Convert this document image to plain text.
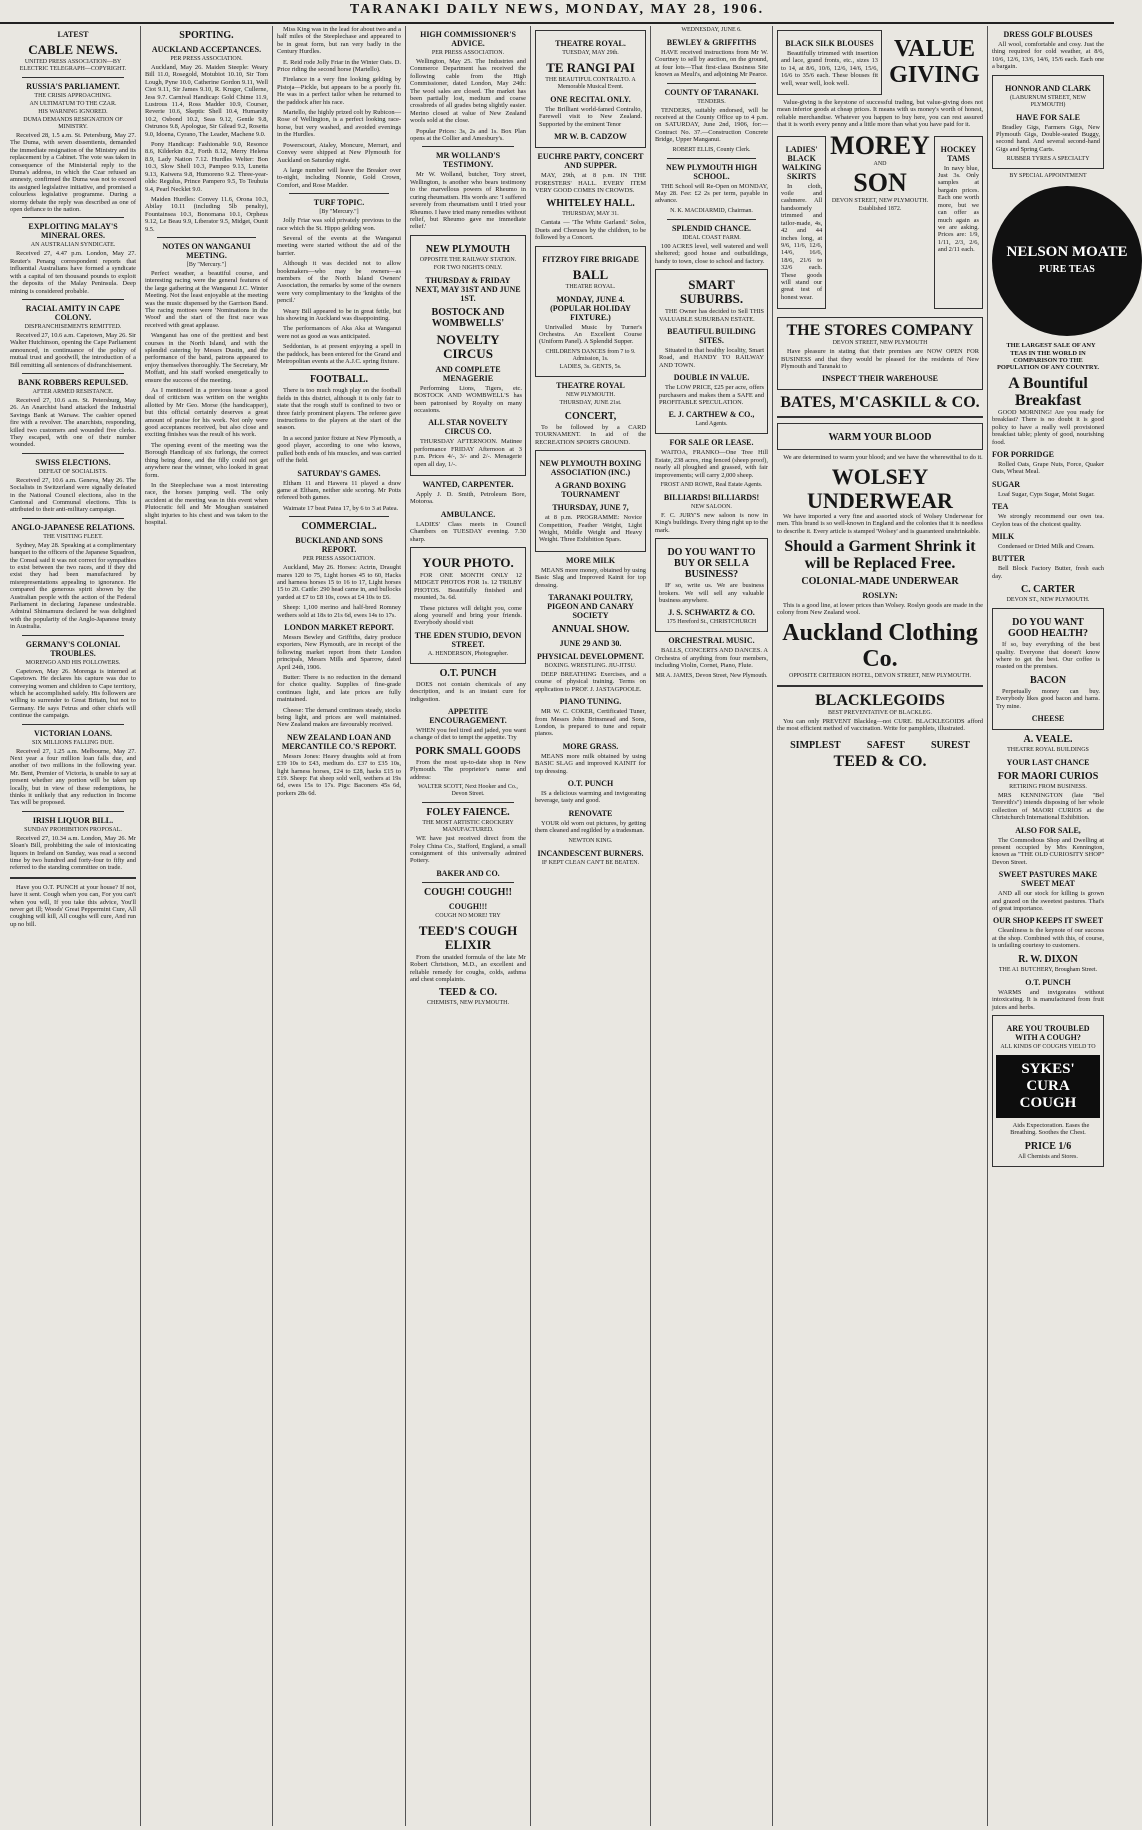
TARANAKI DAILY NEWS, MONDAY, MAY 28, 1906.
LATEST
CABLE NEWS.
UNITED PRESS ASSOCIATION—BY ELECTRIC TELEGRAPH—COPYRIGHT.
RUSSIA'S PARLIAMENT.
THE CRISIS APPROACHING.
AN ULTIMATUM TO THE CZAR.
HIS WARNING IGNORED.
DUMA DEMANDS RESIGNATION OF MINISTRY.

Received 28, 1.5 a.m. St. Petersburg, May 27. The Duma, with seven dissentients, demanded the immediate resignation of the Ministry and its replacement by a Cabinet. The vote was taken in consequence of the Ministerial reply to the Duma's address, in which the Czar refused an amnesty, confirmed the Duma was not to exceed its assigned legislative initiative, and promised a colourless legislative programme. During a stormy debate the reply was described as one of open defiance to the nation.

EXPLOITING MALAY'S MINERAL ORES.
AN AUSTRALIAN SYNDICATE.

Received 27, 4.47 p.m. London, May 27. Reuter's Penang correspondent reports that influential Australians have formed a syndicate with a capital of ten thousand pounds to exploit the deposits of the Malay Peninsula. Deep mining is considered probable.

RACIAL AMITY IN CAPE COLONY.
DISFRANCHISEMENTS REMITTED.

Received 27, 10.6 a.m. Capetown, May 26. Sir Walter Hutchinson, opening the Cape Parliament announced, in continuance of the policy of mutual trust and goodwill, the introduction of a Bill remitting all sentences of disfranchisement.

BANK ROBBERS REPULSED.
AFTER ARMED RESISTANCE.

Received 27, 10.6 a.m. St. Petersburg, May 26. An Anarchist band attacked the Industrial Savings Bank at Warsaw. The cashier opened fire with a revolver. The anarchists, responding, killed two customers and wounded five clerks. They escaped, with one of their number wounded.

SWISS ELECTIONS.
DEFEAT OF SOCIALISTS.

Received 27, 10.6 a.m. Geneva, May 26. The Socialists in Switzerland were signally defeated in the National Council elections, also in the Cantonal and Communal elections. This is attributed to their anti-military campaign.

ANGLO-JAPANESE RELATIONS.
THE VISITING FLEET.

Sydney, May 28. Speaking at a complimentary banquet to the officers of the Japanese Squadron, the Consul said it was not correct for sympathies to exist between the two races, and if they did exist they had been manufactured by misrepresentations appealing to ignorance. He compared the generous spirit shown by the Australian people with the action of the Federal Parliament in declaring Japanese undesirable. Admiral Shimamura declared he was delighted with the popularity of the Anglo-Japanese treaty in Australia.

GERMANY'S COLONIAL TROUBLES.
MORENGO AND HIS FOLLOWERS.

Capetown, May 26. Morenga is interned at Capetown. He declares his capture was due to conveying women and children to Cape territory, which he accomplished safely. His followers are willing to surrender to Great Britain, but not to Germany. He says Fetrus and other chiefs will continue the campaign.

VICTORIAN LOANS.
SIX MILLIONS FALLING DUE.

Received 27, 1.25 a.m. Melbourne, May 27. Next year a four million loan falls due, and another of two millions in the following year. Mr. Bent, Premier of Victoria, is unable to say at present whether any portion will be taken up locally, but in view of these redemptions, he thinks it unlikely that any reduction in Income Tax will be proposed.

IRISH LIQUOR BILL.
SUNDAY PROHIBITION PROPOSAL.

Received 27, 10.34 a.m. London, May 26. Mr Sloan's Bill, prohibiting the sale of intoxicating liquors in Ireland on Sunday, was read a second time by two hundred and forty-four to fifty and referred to the standing committee on trade.

Have you O.T. PUNCH at your house? If not, have it sent. Cough when you can, For you can't when you will, If you take this advice, You'll never get ill; Woods' Great Peppermint Cure, All coughing will kill, All coughs will cure, And run up no bill.

SPORTING.
AUCKLAND ACCEPTANCES.
PER PRESS ASSOCIATION.

Auckland, May 26. Maiden Steeple: Weary Bill 11.0, Rosegold, Motubiot 10.10, Sir Tom Lough, Pyne 10.0, Catherine Gordon 9.11, Well Ciot 9.11, Sir James 9.10, R. Kruger, Cullerne, Jess 9.7. Carnival Handicap: Gold Chime 11.9, Lustrous 11.4, Ross Madder 10.9, Courser, Reverie 10.6, Skeptic Shell 10.4, Humanity 10.2, Osbond 10.2, Seas 9.12, Gentle 9.8, Ostrunos 9.8, Apologue, Sir Gilead 9.2, Rosetta 9.0, Idoena, Cyrano, The Leader, Machene 9.0.

Pony Handicap: Fashionable 9.0, Resonce 8.6, Kilderkin 8.2, Forth 8.12, Merry Helena 8.9, Lady Nation 7.12. Hurdles Welter: Bon 10.3, Slow Shell 10.3, Pampeo 9.13, Lunetta 9.13, Kaiwera 9.8, Humoreno 9.2. Three-year-olds: Regulus, Prince Pampero 9.5, To Teuhuia 9.4, Pearl Necklet 9.0.

Maiden Hurdles: Convey 11.6, Orona 10.3, Abilay 10.11 (including 5lb penalty), Fountainsea 10.3, Bonomana 10.1, Orpheus 9.12, Le Beau 9.9, Liberator 9.5, Midget, Ounit 9.5.

NOTES ON WANGANUI MEETING.
[By "Mercury."]

Perfect weather, a beautiful course, and interesting racing were the general features of the large gathering at the Wanganui J.C. Winter Meeting. Not the least enjoyable at the meeting was the music dispensed by the Garrison Band. The racing mottoes were 'Nominations in the Wood' and the start of the first race was received with great applause.

Wanganui has one of the prettiest and best courses in the North Island, and with the splendid catering by Messrs Dustin, and the performance of the band, patrons appeared to enjoy themselves thoroughly. The Secretary, Mr Moffatt, and his staff worked energetically to ensure the success of the meeting.

As I mentioned in a previous issue a good deal of criticism was written on the weights allotted by Mr Geo. Morse (the handicapper), but this official certainly deserves a great amount of praise for his work. Not only were good acceptances received, but also close and exciting finishes was the result of his work.

The opening event of the meeting was the Borough Handicap of six furlongs, the correct thing being done, and the filly could not get anywhere near the winner, who looked in great form.

In the Steeplechase was a most interesting race, the horses jumping well. The only accident at the meeting was in this event when Plutocratic fell and Mr Moughan sustained slight injuries to his chest and was taken to the hospital.

Miss King was in the lead for about two and a half miles of the Steeplechase and appeared to be in great form, but ran very badly in the Century Hurdles.

E. Reid rode Jolly Friar in the Winter Oats. D. Price riding the second horse (Martello).

Firelance in a very fine looking gelding by Pistoja—Pickle, but appears to be a poorly fit. He was in a perfect tailor when he returned to the paddock after his race.

Martello, the highly prized colt by Rubicon—Rose of Wellington, is a perfect looking race-horse, but very washed, and avoided evenings in the Hurdles.

Powerscourt, Ataley, Moncure, Merrart, and Convey were shipped at New Plymouth for Auckland on Saturday night.

A large number will leave the Breaker over to-night, including Nonnie, Gold Crown, Comfort, and Rose Madder.

TURF TOPIC.
[By "Mercury."]

Jolly Friar was sold privately previous to the race which the St. Hippo gelding won.

Several of the events at the Wanganui meeting were started without the aid of the barrier.

Although it was decided not to allow bookmakers—who may be owners—as members of the North Island Owners' Association, the remarks by some of the owners were very complimentary to the 'knights of the pencil.'

Weary Bill appeared to be in great fettle, but his showing in Auckland was disappointing.

The performances of Aka Aka at Wanganui were not as good as was anticipated.

Seddonian, is at present enjoying a spell in the paddock, has been entered for the Grand and Metropolitan events at the A.J.C. spring fixture.

FOOTBALL.

There is too much rough play on the football fields in this district, although it is only fair to state that the rough stuff is confined to two or three fairly prominent players. The referee gave instructions to the players at the start of the season.

In a second junior fixture at New Plymouth, a good player, according to one who knows, pulled both ends of his muscles, and was carried off the field.

SATURDAY'S GAMES.

Eltham 11 and Hawera 11 played a draw game at Eltham, neither side scoring. Mr Potts refereed both games.

Waimate 17 beat Patea 17, by 6 to 3 at Patea.

COMMERCIAL.
BUCKLAND AND SONS REPORT.
PER PRESS ASSOCIATION.

Auckland, May 26. Horses: Actrin, Draught mares 120 to 75, Light horses 45 to 60, Hacks and harness horses 15 to 16 to 17, Light horses 15 to 20. Cattle: 290 head came in, and bullocks yarded at £7 to £8 10s, cows at £4 10s to £6.

Sheep: 1,100 merino and half-bred Romney wethers sold at 18s to 21s 6d, ewes 14s to 17s.

LONDON MARKET REPORT.

Messrs Bewley and Griffiths, dairy produce exporters, New Plymouth, are in receipt of the following market report from their London principals, Messrs Mills and Sparrow, dated April 24th, 1906.

Butter: There is no reduction in the demand for choice quality. Supplies of fine-grade continues light, and late prices are fully maintained.

Cheese: The demand continues steady, stocks being light, and prices are well maintained. New Zealand makes are favourably received.

NEW ZEALAND LOAN AND MERCANTILE CO.'S REPORT.

Messrs Jones: Heavy draughts sold at from £39 10s to £43, medium do. £37 to £35 10s, light harness horses, £24 to £28, hacks £15 to £19. Sheep: Fat sheep sold well, wethers at 19s 6d, ewes 15s to 17s. Pigs: Baconers 45s 6d, porkers 28s 6d.

HIGH COMMISSIONER'S ADVICE.
PER PRESS ASSOCIATION.

Wellington, May 25. The Industries and Commerce Department has received the following cable from the High Commissioner, dated London, May 24th: The wool sales are closed. The market has been partially lost, medium and coarse crossbreds of all grades being slightly easier. Merino closed at value of New Zealand wools sold at the close.

Popular Prices: 3s, 2s and 1s. Box Plan opens at the Collier and Amesbury's.

MR WOLLAND'S TESTIMONY.

Mr W. Wolland, butcher, Tory street, Wellington, is another who bears testimony to the marvellous powers of Rheumo in curing rheumatism. His words are: 'I suffered severely from rheumatism until I tried your Rheumo. I have tried many remedies without relief, but Rheumo gave me immediate relief.'

NEW PLYMOUTH
OPPOSITE THE RAILWAY STATION.
FOR TWO NIGHTS ONLY.
THURSDAY & FRIDAY NEXT, MAY 31ST AND JUNE 1ST.
BOSTOCK AND WOMBWELLS'
NOVELTY CIRCUS
AND COMPLETE MENAGERIE

Performing Lions, Tigers, etc. BOSTOCK AND WOMBWELL'S has been patronised by Royalty on many occasions.

ALL STAR NOVELTY CIRCUS CO.

THURSDAY AFTERNOON. Matinee performance FRIDAY Afternoon at 3 p.m. Prices 4/-, 3/- and 2/-. Menagerie open all day, 1/-.

WANTED, CARPENTER.

Apply J. D. Smith, Petroleum Bore, Motoroa.

AMBULANCE.

LADIES' Class meets in Council Chambers on TUESDAY evening. 7.30 sharp.

YOUR PHOTO.

FOR ONE MONTH ONLY 12 MIDGET PHOTOS FOR 1s. 12 TRILBY PHOTOS. Beautifully finished and mounted, 3s. 6d.

These pictures will delight you, come along yourself and bring your friends. Everybody should visit

THE EDEN STUDIO, DEVON STREET.
A. HENDERSON, Photographer.
O.T. PUNCH

DOES not contain chemicals of any description, and is an instant cure for indigestion.

APPETITE ENCOURAGEMENT.

WHEN you feel tired and jaded, you want a change of diet to tempt the appetite. Try

PORK SMALL GOODS

From the most up-to-date shop in New Plymouth. The proprietor's name and address:

WALTER SCOTT, Next Hooker and Co., Devon Street.
FOLEY FAIENCE.
THE MOST ARTISTIC CROCKERY MANUFACTURED.

WE have just received direct from the Foley China Co., Stafford, England, a small consignment of this universally admired Pottery.

BAKER AND CO.
COUGH! COUGH!!
COUGH!!!
COUGH NO MORE! TRY
TEED'S COUGH ELIXIR

From the unaided formula of the late Mr Robert Christison, M.D., an excellent and reliable remedy for coughs, colds, asthma and chest complaints.

TEED & CO.
CHEMISTS, NEW PLYMOUTH.
THEATRE ROYAL.
TUESDAY, MAY 29th.
TE RANGI PAI
THE BEAUTIFUL CONTRALTO. A Memorable Musical Event.
ONE RECITAL ONLY.

The Brilliant world-famed Contralto, Farewell visit to New Zealand. Supported by the eminent Tenor

MR W. B. CADZOW
EUCHRE PARTY, CONCERT AND SUPPER.

MAY, 29th, at 8 p.m. IN THE FORESTERS' HALL. EVERY ITEM VERY GOOD COMES IN CROWDS.

WHITELEY HALL.
THURSDAY, MAY 31.

Cantata — 'The White Garland.' Solos, Duets and Choruses by the children, to be followed by a Concert.

FITZROY FIRE BRIGADE
BALL
THEATRE ROYAL.
MONDAY, JUNE 4. (POPULAR HOLIDAY FIXTURE.)

Unrivalled Music by Turner's Orchestra. An Excellent Course (Uniform Panel). A Splendid Supper.

CHILDREN'S DANCES from 7 to 9. Admission, 1s.
LADIES, 3s. GENTS, 5s.
THEATRE ROYAL
NEW PLYMOUTH.
THURSDAY, JUNE 21st.
CONCERT,

To be followed by a CARD TOURNAMENT. In aid of the RECREATION SPORTS GROUND.

NEW PLYMOUTH BOXING ASSOCIATION (INC.)
A GRAND BOXING TOURNAMENT
THURSDAY, JUNE 7,

at 8 p.m. PROGRAMME: Novice Competition, Feather Weight, Light Weight, Middle Weight and Heavy Weight. Three Exhibition Spars.

MORE MILK

MEANS more money, obtained by using Basic Slag and Improved Kainit for top dressing.

TARANAKI POULTRY, PIGEON AND CANARY SOCIETY
ANNUAL SHOW.
JUNE 29 AND 30.
PHYSICAL DEVELOPMENT.
BOXING. WRESTLING. JIU-JITSU.

DEEP BREATHING Exercises, and a course of physical training. Terms on application to PROF. J. JASTAGPOOLE.

PIANO TUNING.

MR W. C. COKER, Certificated Tuner, from Messrs John Brinsmead and Sons, London, is prepared to tune and repair pianos.

MORE GRASS.

MEANS more milk obtained by using BASIC SLAG and improved KAINIT for top dressing.

O.T. PUNCH

IS a delicious warming and invigorating beverage, tasty and good.

RENOVATE

YOUR old worn out pictures, by getting them cleaned and regilded by a tradesman.

NEWTON KING.
INCANDESCENT BURNERS.
IF KEPT CLEAN CAN'T BE BEATEN.
WEDNESDAY, JUNE 6.
BEWLEY & GRIFFITHS

HAVE received instructions from Mr W. Courtney to sell by auction, on the ground, at four lots—That first-class Business Site known as Meuli's, and adjoining Mr Pearce.

COUNTY OF TARANAKI.
TENDERS.

TENDERS, suitably endorsed, will be received at the County Office up to 4 p.m. on SATURDAY, June 2nd, 1906, for:— Contract No. 37.—Construction Concrete Bridge, Upper Manganui.

ROBERT ELLIS, County Clerk.
NEW PLYMOUTH HIGH SCHOOL.

THE School will Re-Open on MONDAY, May 28. Fee: £2 2s per term, payable in advance.

N. K. MACDIARMID, Chairman.
SPLENDID CHANCE.
IDEAL COAST FARM.

100 ACRES level, well watered and well sheltered; good house and outbuildings, handy to town, close to school and factory.

SMART SUBURBS.

THE Owner has decided to Sell THIS VALUABLE SUBURBAN ESTATE.

BEAUTIFUL BUILDING SITES.

Situated in that healthy locality, Smart Road, and HANDY TO RAILWAY AND TOWN.

DOUBLE IN VALUE.

The LOW PRICE, £25 per acre, offers purchasers and makes them a SAFE and PROFITABLE SPECULATION.

E. J. CARTHEW & CO.,
Land Agents.
FOR SALE OR LEASE.

WAITOA, FRANKO—One Tree Hill Estate, 238 acres, ring fenced (sheep proof), nearly all ploughed and grassed, with fair improvements; will carry 2,000 sheep.

FROST AND ROWE, Real Estate Agents.
BILLIARDS! BILLIARDS!
NEW SALOON.

F. C. JURY'S new saloon is now in King's buildings. Every thing right up to the mark.

DO YOU WANT TO BUY OR SELL A BUSINESS?

IF so, write us. We are business brokers. We will sell any valuable business anywhere.

J. S. SCHWARTZ & CO.
175 Hereford St., CHRISTCHURCH
ORCHESTRAL MUSIC.

BALLS, CONCERTS AND DANCES. A Orchestra of anything from four members, including Violin, Cornet, Piano, Flute.

MR A. JAMES, Devon Street, New Plymouth.
BLACK SILK BLOUSES

Beautifully trimmed with insertion and lace, grand fronts, etc., sizes 13 to 14, at 8/6, 10/6, 12/6, 14/6, 15/6, 16/6 to 35/6 each. These blouses fit well, wear well, look well.

VALUE GIVING

Value-giving is the keystone of successful trading, but value-giving does not mean inferior goods at cheap prices. It means with us money's worth of honest, reliable merchandise. Whatever you happen to buy here, you can rest assured that it is worth every penny and a little more than what you have paid for it.

LADIES' BLACK WALKING SKIRTS

In cloth, voile and cashmere. All handsomely trimmed and tailor-made, 4s, 42 and 44 inches long, at 9/6, 11/6, 12/6, 14/6, 16/6, 18/6, 21/6 to 32/6 each. These goods will stand our great test of honest wear.

MOREY
AND
SON
DEVON STREET, NEW PLYMOUTH.
Established 1872.
HOCKEY TAMS

In navy blue, Just 3s. Only samples at bargain prices. Each one worth more, but we can offer as much again as we are asking. Prices are: 1/9, 1/11, 2/3, 2/6, and 2/11 each.

THE STORES COMPANY
DEVON STREET, NEW PLYMOUTH

Have pleasure in stating that their premises are NOW OPEN FOR BUSINESS and that they would be pleased for the residents of New Plymouth and Taranaki to

INSPECT THEIR WAREHOUSE
BATES, M'CASKILL & CO.
WARM YOUR BLOOD

We are determined to warm your blood; and we have the wherewithal to do it.

WOLSEY UNDERWEAR

We have imported a very fine and assorted stock of Wolsey Underwear for men. This brand is so well-known in England and the colonies that it is needless to describe it. Every article is stamped 'Wolsey' and is guaranteed unshrinkable.

Should a Garment Shrink it will be Replaced Free.
COLONIAL-MADE UNDERWEAR
ROSLYN:

This is a good line, at lower prices than Wolsey. Roslyn goods are made in the colony from New Zealand wool.

Auckland Clothing Co.
OPPOSITE CRITERION HOTEL, DEVON STREET, NEW PLYMOUTH.
BLACKLEGOIDS
BEST PREVENTATIVE OF BLACKLEG.

You can only PREVENT Blackleg—not CURE. BLACKLEGOIDS afford the most efficient method of vaccination. Write for pamphlets, illustrated.

SIMPLEST	SAFEST	SUREST
TEED & CO.
DRESS GOLF BLOUSES

All wool, comfortable and cosy. Just the thing required for cold weather, at 8/6, 10/6, 12/6, 13/6, 14/6, 15/6 each. Each one a bargain.

HONNOR AND CLARK
(LABURNUM STREET, NEW PLYMOUTH)
HAVE FOR SALE

Bradley Gigs, Farmers Gigs, New Plymouth Gigs, Double-seated Buggy, second hand. And several second-hand Gigs and Spring Carts.

RUBBER TYRES A SPECIALTY
BY SPECIAL APPOINTMENT
NELSON MOATE
PURE TEAS

THE LARGEST SALE OF ANY TEAS IN THE WORLD IN COMPARISON TO THE POPULATION OF ANY COUNTRY.

A Bountiful Breakfast

GOOD MORNING! Are you ready for breakfast? There is no doubt it is good policy to have a really well provisioned breakfast table; plenty of good, nourishing food.

FOR PORRIDGE

Rolled Oats, Grape Nuts, Force, Quaker Oats, Wheat Meal.

SUGAR

Loaf Sugar, Cyps Sugar, Moist Sugar.

TEA

We strongly recommend our own tea. Ceylon teas of the choicest quality.

MILK

Condensed or Dried Milk and Cream.

BUTTER

Bell Block Factory Butter, fresh each day.

C. CARTER
DEVON ST., NEW PLYMOUTH.
DO YOU WANT GOOD HEALTH?

If so, buy everything of the best quality. Everyone that doesn't know where to get the best. Our coffee is roasted on the premises.

BACON

Perpetually money can buy. Everybody likes good bacon and hams. Try mine.

CHEESE
A. VEALE.
THEATRE ROYAL BUILDINGS
YOUR LAST CHANCE
FOR MAORI CURIOS
RETIRING FROM BUSINESS.

MRS KENNINGTON (late "Bel Terevith's") intends disposing of her whole collection of MAORI CURIOS at the Christchurch International Exhibition.

ALSO FOR SALE,

The Commodious Shop and Dwelling at present occupied by Mrs Kennington, known as "THE OLD CURIOSITY SHOP" Devon Street.

SWEET PASTURES MAKE SWEET MEAT

AND all our stock for killing is grown and grazed on the sweetest pastures. That's of great importance.

OUR SHOP KEEPS IT SWEET

Cleanliness is the keynote of our success at the shop. Combined with this, of course, is unfailing courtesy to customers.

R. W. DIXON
THE A1 BUTCHERY, Brougham Street.
O.T. PUNCH

WARMS and invigorates without intoxicating. It is manufactured from fruit juices and herbs.

ARE YOU TROUBLED WITH A COUGH?
ALL KINDS OF COUGHS YIELD TO
SYKES' CURA COUGH

Aids Expectoration. Eases the Breathing. Soothes the Chest.

PRICE 1/6
All Chemists and Stores.
